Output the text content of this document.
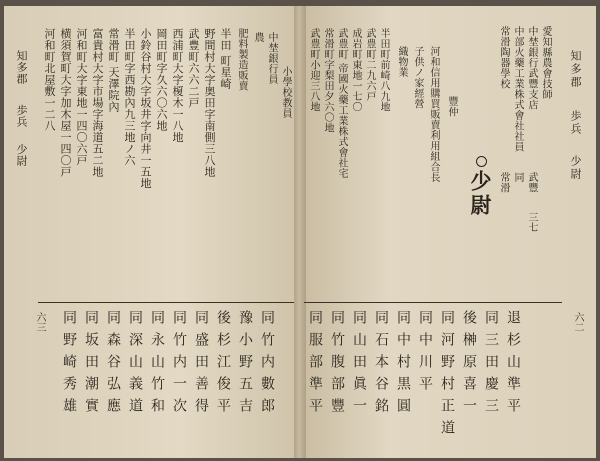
知多郡  歩兵  少尉
河和町北屋敷一二八 横須賀町大字加木屋一四〇戸 河和町大字東地一四〇六戸 富貴村大字市場字海道五二地 常滑町 天澤院內 半田町字西勘內九三地ノ六 小鈴谷村大字坂井字向井一五地 岡田町字久六〇六地 西浦町大字榎木一八地 武豊町六六二戸 野間村大字奥田字南側三八地 半田 町星崎 肥料製造販賣 農 中埜銀行員
小學校教員
六三 同野崎秀雄
同坂田潮實
同森谷弘應
同深山義道
同永山竹和
同竹内一次
同盛田善得
後杉江俊平
豫小野五吉
同竹内數郎
武豊町小迎三八地 常滑町字梨田夕六〇地 武豊町 帝國火藥工業株式會社宅 成岩町東地一七〇 武豊町二九六戸 半田町前崎八九地 織物業 子供ノ家經營 河和信用購買販賣利用組合長 豐仲
少尉
常滑陶器學校 中部火藥工業株式會社社員 中埜銀行武豐支店 愛知縣農會技師
常滑 同 武豐
三七
知多郡  歩兵  少尉
六二
同服部準平
同竹腹部豐
同山田眞一
同石本谷銘
同中村黒圓
同中川平
同河野村正道
後榊原喜一
同三田慶三
退杉山準平
